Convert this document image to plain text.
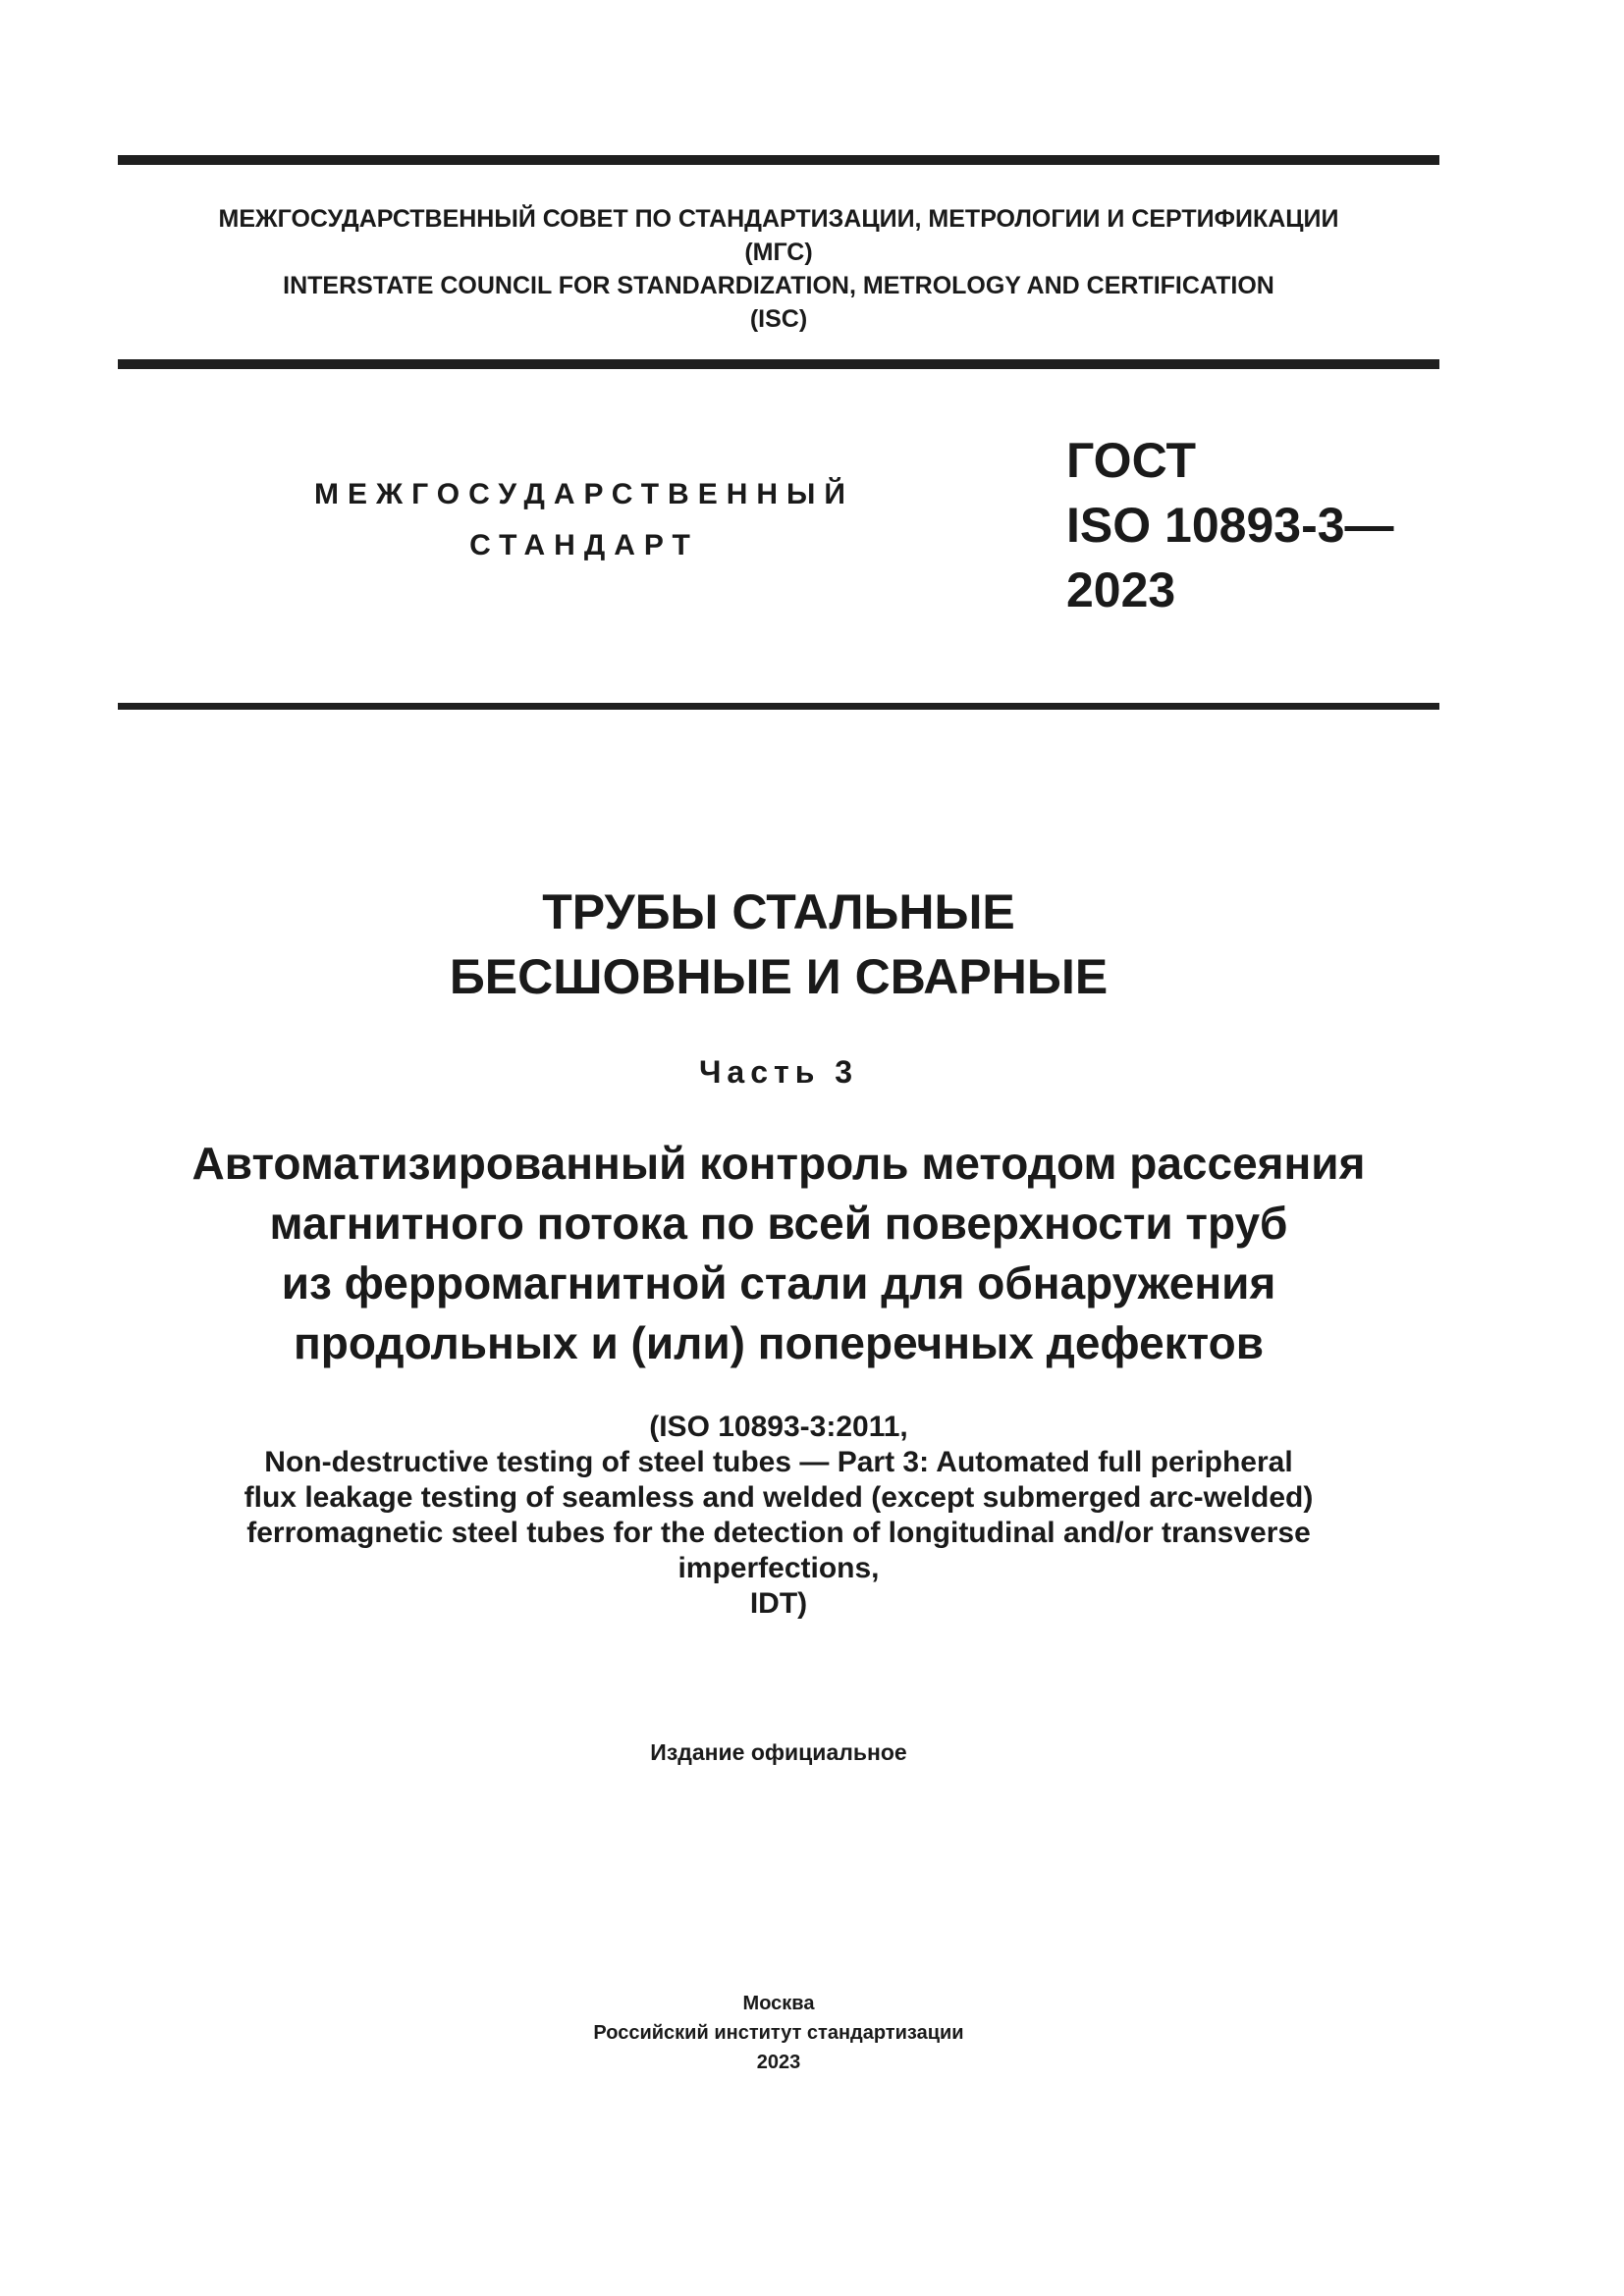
МЕЖГОСУДАРСТВЕННЫЙ СОВЕТ ПО СТАНДАРТИЗАЦИИ, МЕТРОЛОГИИ И СЕРТИФИКАЦИИ
(МГС)
INTERSTATE COUNCIL FOR STANDARDIZATION, METROLOGY AND CERTIFICATION
(ISC)
МЕЖГОСУДАРСТВЕННЫЙ
СТАНДАРТ
ГОСТ
ISO 10893-3—
2023
ТРУБЫ СТАЛЬНЫЕ
БЕСШОВНЫЕ И СВАРНЫЕ
Часть 3
Автоматизированный контроль методом рассеяния
магнитного потока по всей поверхности труб
из ферромагнитной стали для обнаружения
продольных и (или) поперечных дефектов
(ISO 10893-3:2011,
Non-destructive testing of steel tubes — Part 3: Automated full peripheral
flux leakage testing of seamless and welded (except submerged arc-welded)
ferromagnetic steel tubes for the detection of longitudinal and/or transverse
imperfections,
IDT)
Издание официальное
Москва
Российский институт стандартизации
2023
